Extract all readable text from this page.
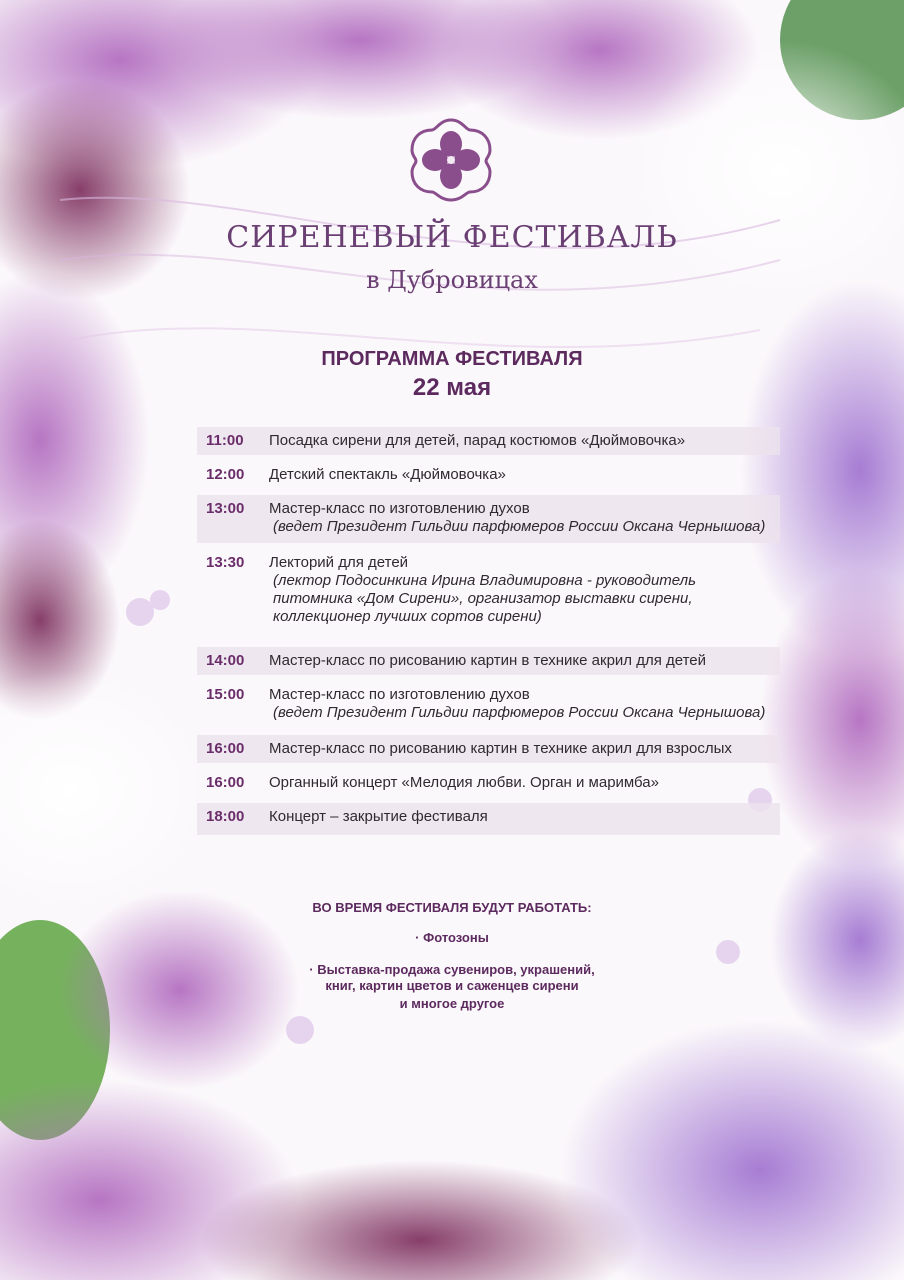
СИРЕНЕВЫЙ ФЕСТИВАЛЬ
в Дубровицах
ПРОГРАММА ФЕСТИВАЛЯ
22 мая
11:00	Посадка сирени для детей, парад костюмов «Дюймовочка»
12:00	Детский спектакль «Дюймовочка»
13:00	Мастер-класс по изготовлению духов
(ведет Президент Гильдии парфюмеров России Оксана Чернышова)
13:30	Лекторий для детей
(лектор Подосинкина Ирина Владимировна - руководитель
питомника «Дом Сирени», организатор выставки сирени,
коллекционер лучших сортов сирени)
14:00	Мастер-класс по рисованию картин в технике акрил для детей
15:00	Мастер-класс по изготовлению духов
(ведет Президент Гильдии парфюмеров России Оксана Чернышова)
16:00	Мастер-класс по рисованию картин в технике акрил для взрослых
16:00	Органный концерт «Мелодия любви. Орган и маримба»
18:00	Концерт – закрытие фестиваля
ВО ВРЕМЯ ФЕСТИВАЛЯ БУДУТ РАБОТАТЬ:
· Фотозоны
· Выставка-продажа сувениров, украшений,
книг, картин цветов и саженцев сирени
и многое другое
